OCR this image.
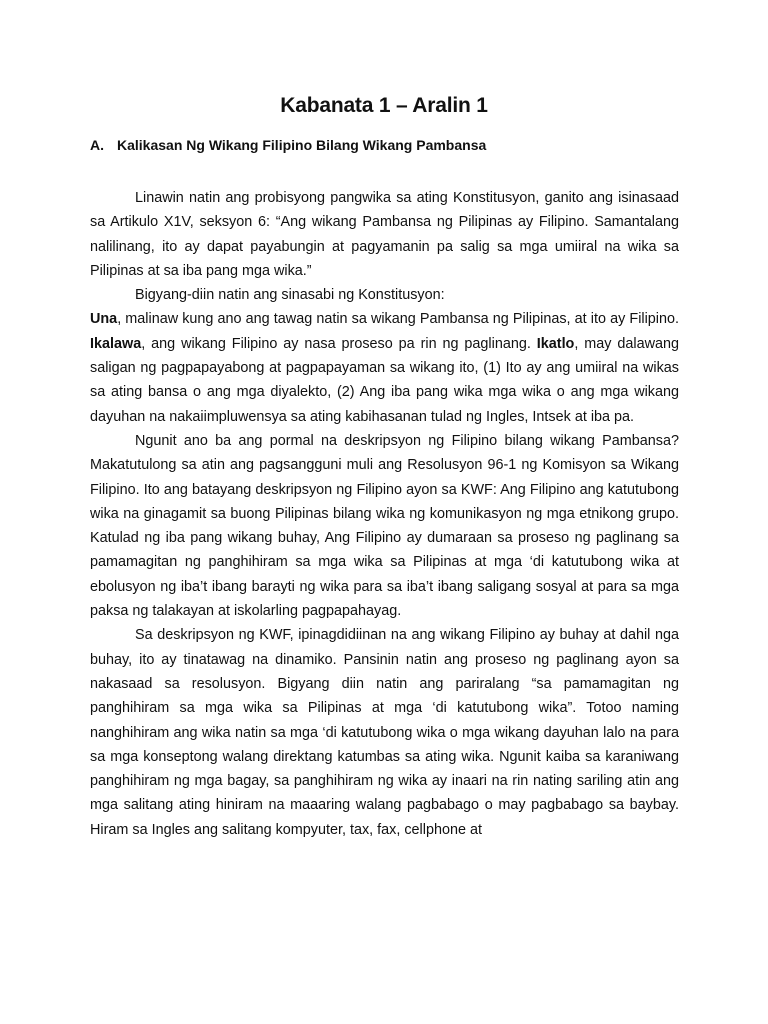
Kabanata 1 – Aralin 1
A. Kalikasan Ng Wikang Filipino Bilang Wikang Pambansa

Linawin natin ang probisyong pangwika sa ating Konstitusyon, ganito ang isinasaad sa Artikulo X1V, seksyon 6: “Ang wikang Pambansa ng Pilipinas ay Filipino. Samantalang nalilinang, ito ay dapat payabungin at pagyamanin pa salig sa mga umiiral na wika sa Pilipinas at sa iba pang mga wika.”

Bigyang-diin natin ang sinasabi ng Konstitusyon:

Una, malinaw kung ano ang tawag natin sa wikang Pambansa ng Pilipinas, at ito ay Filipino. Ikalawa, ang wikang Filipino ay nasa proseso pa rin ng paglinang. Ikatlo, may dalawang saligan ng pagpapayabong at pagpapayaman sa wikang ito, (1) Ito ay ang umiiral na wikas sa ating bansa o ang mga diyalekto, (2) Ang iba pang wika mga wika o ang mga wikang dayuhan na nakaiimpluwensya sa ating kabihasanan tulad ng Ingles, Intsek at iba pa.

Ngunit ano ba ang pormal na deskripsyon ng Filipino bilang wikang Pambansa? Makatutulong sa atin ang pagsangguni muli ang Resolusyon 96-1 ng Komisyon sa Wikang Filipino. Ito ang batayang deskripsyon ng Filipino ayon sa KWF: Ang Filipino ang katutubong wika na ginagamit sa buong Pilipinas bilang wika ng komunikasyon ng mga etnikong grupo. Katulad ng iba pang wikang buhay, Ang Filipino ay dumaraan sa proseso ng paglinang sa pamamagitan ng panghihiram sa mga wika sa Pilipinas at mga ‘di katutubong wika at ebolusyon ng iba’t ibang barayti ng wika para sa iba’t ibang saligang sosyal at para sa mga paksa ng talakayan at iskolarling pagpapahayag.

Sa deskripsyon ng KWF, ipinagdidiinan na ang wikang Filipino ay buhay at dahil nga buhay, ito ay tinatawag na dinamiko. Pansinin natin ang proseso ng paglinang ayon sa nakasaad sa resolusyon. Bigyang diin natin ang pariralang “sa pamamagitan ng panghihiram sa mga wika sa Pilipinas at mga ‘di katutubong wika”. Totoo naming nanghihiram ang wika natin sa mga ‘di katutubong wika o mga wikang dayuhan lalo na para sa mga konseptong walang direktang katumbas sa ating wika. Ngunit kaiba sa karaniwang panghihiram ng mga bagay, sa panghihiram ng wika ay inaari na rin nating sariling atin ang mga salitang ating hiniram na maaaring walang pagbabago o may pagbabago sa baybay. Hiram sa Ingles ang salitang kompyuter, tax, fax, cellphone at
